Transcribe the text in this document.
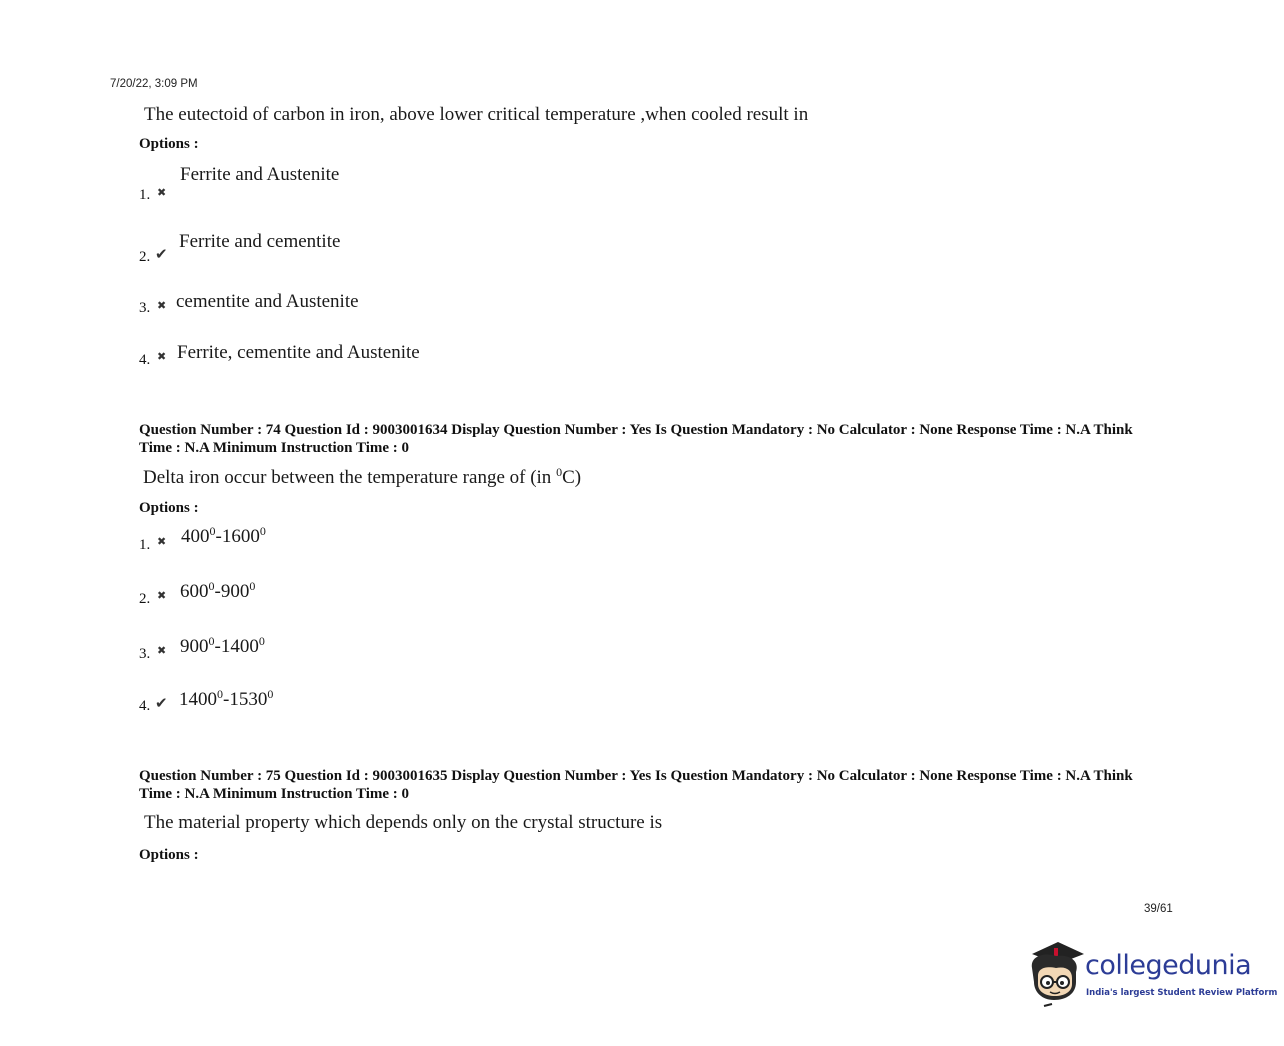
7/20/22, 3:09 PM
The eutectoid of carbon in iron, above lower critical temperature ,when cooled result in
Options :
1. ✖
Ferrite and Austenite
2. ✔
Ferrite and cementite
3. ✖ cementite and Austenite
4. ✖ Ferrite, cementite and Austenite
Question Number : 74 Question Id : 9003001634 Display Question Number : Yes Is Question Mandatory : No Calculator : None Response Time : N.A Think Time : N.A Minimum Instruction Time : 0
Delta iron occur between the temperature range of (in $^0$C)
Options :
1. ✖ $400^0-1600^0$
2. ✖ $600^0-900^0$
3. ✖ $900^0-1400^0$
4. ✔ 1400$^0$-1530$^0$
Question Number : 75 Question Id : 9003001635 Display Question Number : Yes Is Question Mandatory : No Calculator : None Response Time : N.A Think Time : N.A Minimum Instruction Time : 0
The material property which depends only on the crystal structure is
Options :
39/61
collegedunia
India's largest Student Review Platform
